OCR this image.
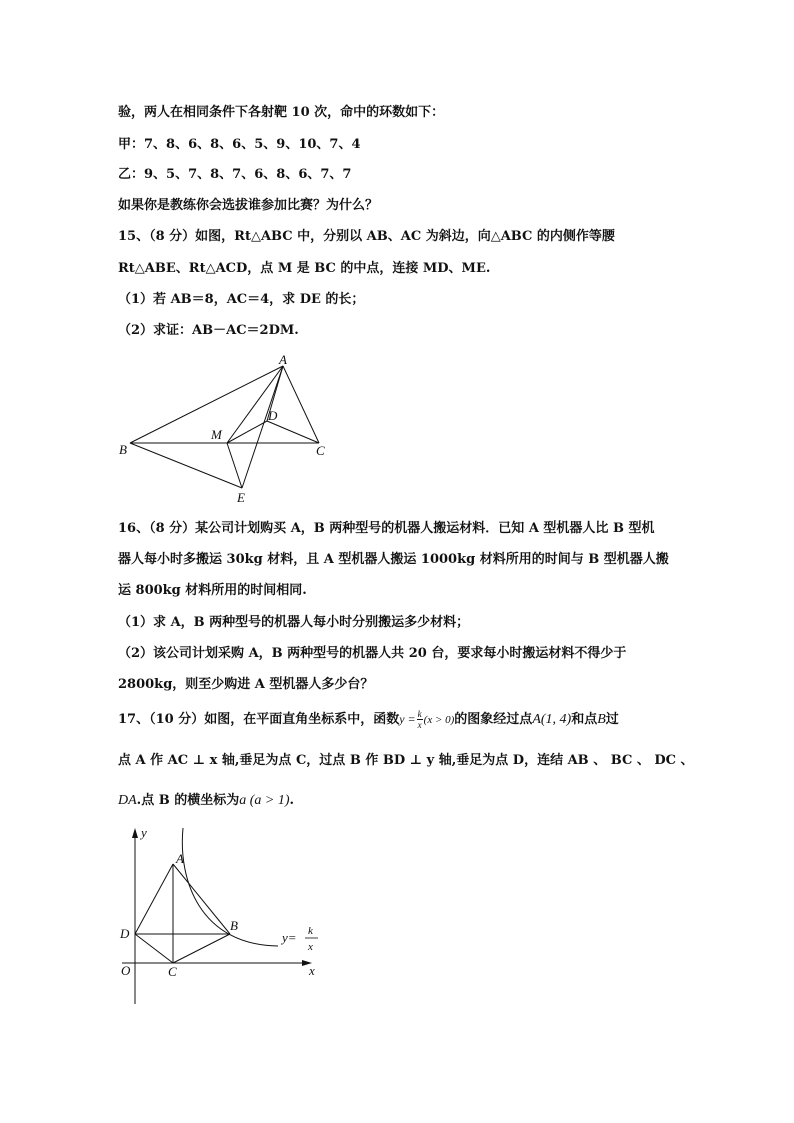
验，两人在相同条件下各射靶 10 次，命中的环数如下：
甲：7、8、6、8、6、5、9、10、7、4
乙：9、5、7、8、7、6、8、6、7、7
如果你是教练你会选拔谁参加比赛？为什么？
15、（8 分）如图，Rt△ABC 中，分别以 AB、AC 为斜边，向△ABC 的内侧作等腰
Rt△ABE、Rt△ACD，点 M 是 BC 的中点，连接 MD、ME.
（1）若 AB＝8，AC＝4，求 DE 的长；
（2）求证：AB－AC＝2DM.
A
B	C
D
E
M
16、（8 分）某公司计划购买 A，B 两种型号的机器人搬运材料．已知 A 型机器人比 B 型机
器人每小时多搬运 30kg 材料，且 A 型机器人搬运 1000kg 材料所用的时间与 B 型机器人搬
运 800kg 材料所用的时间相同.
（1）求 A，B 两种型号的机器人每小时分别搬运多少材料；
（2）该公司计划采购 A，B 两种型号的机器人共 20 台，要求每小时搬运材料不得少于
2800kg，则至少购进 A 型机器人多少台？
17、（10 分）如图，在平面直角坐标系中，函数$y = \frac{k}{x} (x > 0)$的图象经过点A(1, 4)和点B过
点 A 作 AC ⊥ x 轴,垂足为点 C，过点 B 作 BD ⊥ y 轴,垂足为点 D，连结 AB 、 BC 、 DC 、
DA.点 B 的横坐标为a (a > 1).
y
x
O
A
B
C
D	y= k
x
